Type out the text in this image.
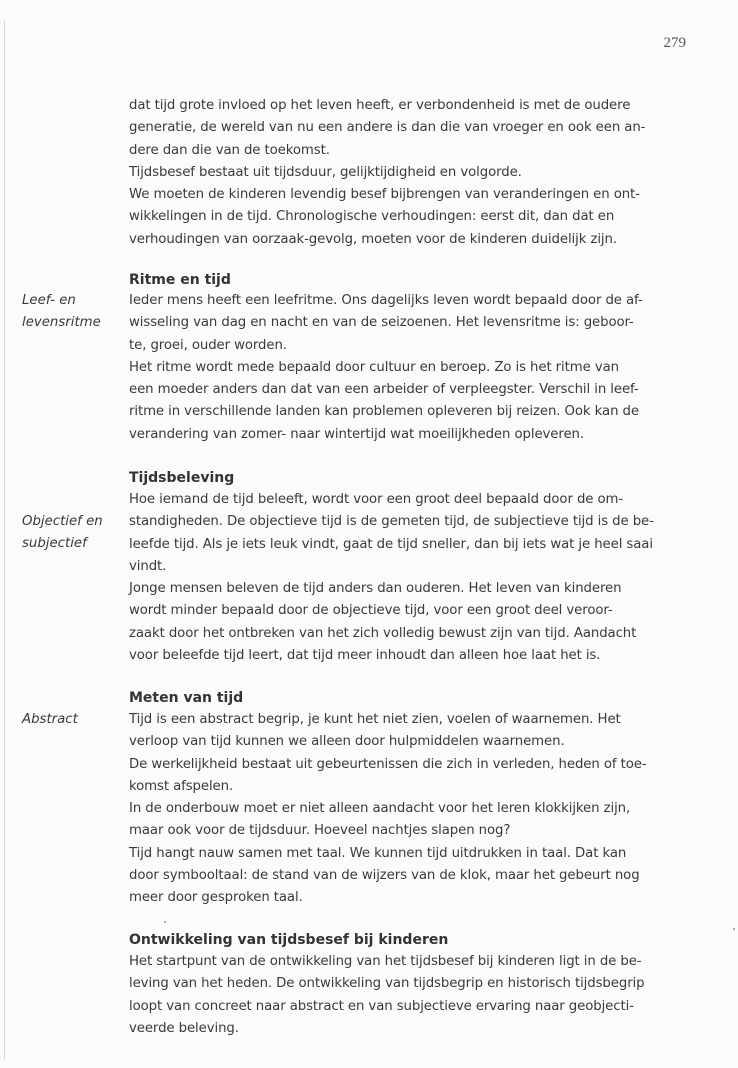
279
dat tijd grote invloed op het leven heeft, er verbondenheid is met de oudere
generatie, de wereld van nu een andere is dan die van vroeger en ook een an-
dere dan die van de toekomst.
Tijdsbesef bestaat uit tijdsduur, gelijktijdigheid en volgorde.
We moeten de kinderen levendig besef bijbrengen van veranderingen en ont-
wikkelingen in de tijd. Chronologische verhoudingen: eerst dit, dan dat en
verhoudingen van oorzaak-gevolg, moeten voor de kinderen duidelijk zijn.
Ritme en tijd
Leef- en
levensritme
Ieder mens heeft een leefritme. Ons dagelijks leven wordt bepaald door de af-
wisseling van dag en nacht en van de seizoenen. Het levensritme is: geboor-
te, groei, ouder worden.
Het ritme wordt mede bepaald door cultuur en beroep. Zo is het ritme van
een moeder anders dan dat van een arbeider of verpleegster. Verschil in leef-
ritme in verschillende landen kan problemen opleveren bij reizen. Ook kan de
verandering van zomer- naar wintertijd wat moeilijkheden opleveren.
Tijdsbeleving
Objectief en
subjectief
Hoe iemand de tijd beleeft, wordt voor een groot deel bepaald door de om-
standigheden. De objectieve tijd is de gemeten tijd, de subjectieve tijd is de be-
leefde tijd. Als je iets leuk vindt, gaat de tijd sneller, dan bij iets wat je heel saai
vindt.
Jonge mensen beleven de tijd anders dan ouderen. Het leven van kinderen
wordt minder bepaald door de objectieve tijd, voor een groot deel veroor-
zaakt door het ontbreken van het zich volledig bewust zijn van tijd. Aandacht
voor beleefde tijd leert, dat tijd meer inhoudt dan alleen hoe laat het is.
Meten van tijd
Abstract	Tijd is een abstract begrip, je kunt het niet zien, voelen of waarnemen. Het
verloop van tijd kunnen we alleen door hulpmiddelen waarnemen.
De werkelijkheid bestaat uit gebeurtenissen die zich in verleden, heden of toe-
komst afspelen.
In de onderbouw moet er niet alleen aandacht voor het leren klokkijken zijn,
maar ook voor de tijdsduur. Hoeveel nachtjes slapen nog?
Tijd hangt nauw samen met taal. We kunnen tijd uitdrukken in taal. Dat kan
door symbooltaal: de stand van de wijzers van de klok, maar het gebeurt nog
meer door gesproken taal.
Ontwikkeling van tijdsbesef bij kinderen
Het startpunt van de ontwikkeling van het tijdsbesef bij kinderen ligt in de be-
leving van het heden. De ontwikkeling van tijdsbegrip en historisch tijdsbegrip
loopt van concreet naar abstract en van subjectieve ervaring naar geobjecti-
veerde beleving.
